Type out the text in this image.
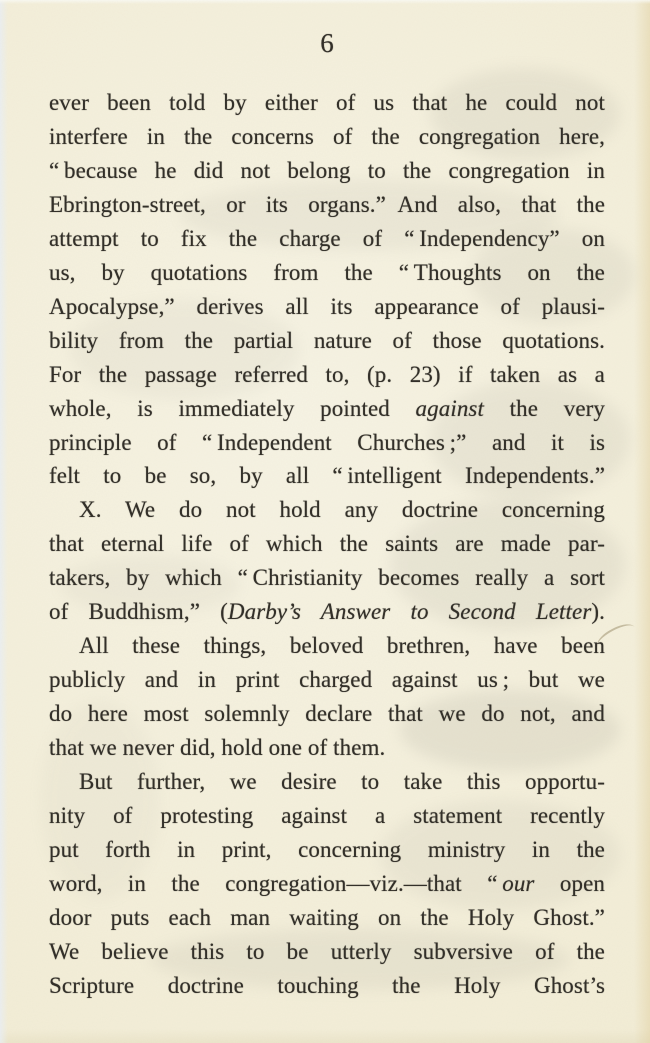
6
ever been told by either of us that he could not
interfere in the concerns of the congregation here,
“ because he did not belong to the congregation in
Ebrington-street, or its organs.” And also, that the
attempt to fix the charge of “ Independency” on
us, by quotations from the “ Thoughts on the
Apocalypse,” derives all its appearance of plausi-
bility from the partial nature of those quotations.
For the passage referred to, (p. 23) if taken as a
whole, is immediately pointed against the very
principle of “ Independent Churches ;” and it is
felt to be so, by all “ intelligent Independents.”
X. We do not hold any doctrine concerning
that eternal life of which the saints are made par-
takers, by which “ Christianity becomes really a sort
of Buddhism,” (Darby’s Answer to Second Letter).
All these things, beloved brethren, have been
publicly and in print charged against us ; but we
do here most solemnly declare that we do not, and
that we never did, hold one of them.
But further, we desire to take this opportu-
nity of protesting against a statement recently
put forth in print, concerning ministry in the
word, in the congregation—viz.—that “ our open
door puts each man waiting on the Holy Ghost.”
We believe this to be utterly subversive of the
Scripture doctrine touching the Holy Ghost’s
